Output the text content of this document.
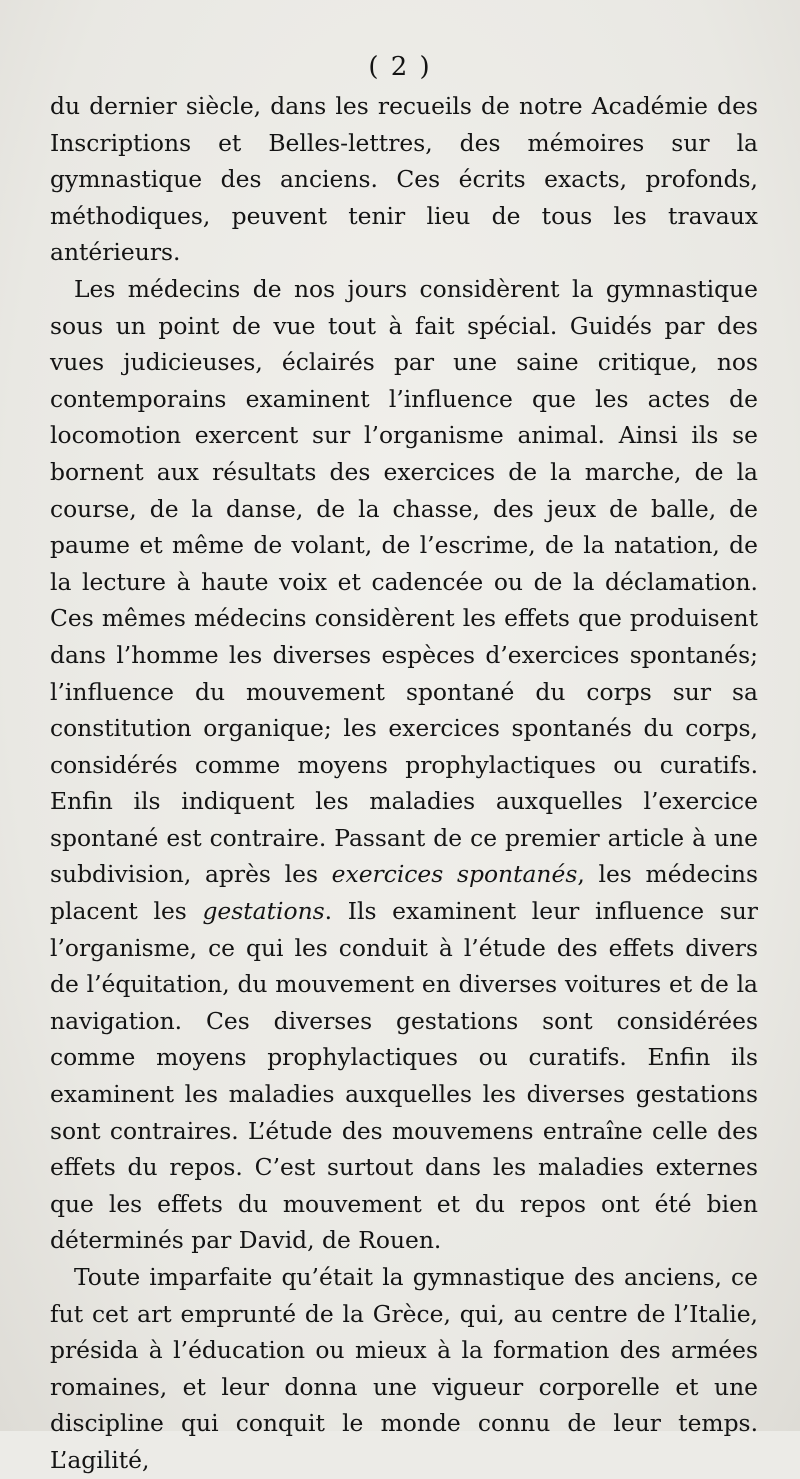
( 2 )

du dernier siècle, dans les recueils de notre Académie des Inscriptions et Belles-lettres, des mémoires sur la gymnastique des anciens. Ces écrits exacts, profonds, méthodiques, peuvent tenir lieu de tous les travaux antérieurs.

Les médecins de nos jours considèrent la gymnastique sous un point de vue tout à fait spécial. Guidés par des vues judicieuses, éclairés par une saine critique, nos contemporains examinent l’influence que les actes de locomotion exercent sur l’organisme animal. Ainsi ils se bornent aux résultats des exercices de la marche, de la course, de la danse, de la chasse, des jeux de balle, de paume et même de volant, de l’escrime, de la natation, de la lecture à haute voix et cadencée ou de la déclamation. Ces mêmes médecins considèrent les effets que produisent dans l’homme les diverses espèces d’exercices spontanés; l’influence du mouvement spontané du corps sur sa constitution organique; les exercices spontanés du corps, considérés comme moyens prophylactiques ou curatifs. Enfin ils indiquent les maladies auxquelles l’exercice spontané est contraire. Passant de ce premier article à une subdivision, après les exercices spontanés, les médecins placent les gestations. Ils examinent leur influence sur l’organisme, ce qui les conduit à l’étude des effets divers de l’équitation, du mouvement en diverses voitures et de la navigation. Ces diverses gestations sont considérées comme moyens prophylactiques ou curatifs. Enfin ils examinent les maladies auxquelles les diverses gestations sont contraires. L’étude des mouvemens entraîne celle des effets du repos. C’est surtout dans les maladies externes que les effets du mouvement et du repos ont été bien déterminés par David, de Rouen.

Toute imparfaite qu’était la gymnastique des anciens, ce fut cet art emprunté de la Grèce, qui, au centre de l’Italie, présida à l’éducation ou mieux à la formation des armées romaines, et leur donna une vigueur corporelle et une discipline qui conquit le monde connu de leur temps. L’agilité,
